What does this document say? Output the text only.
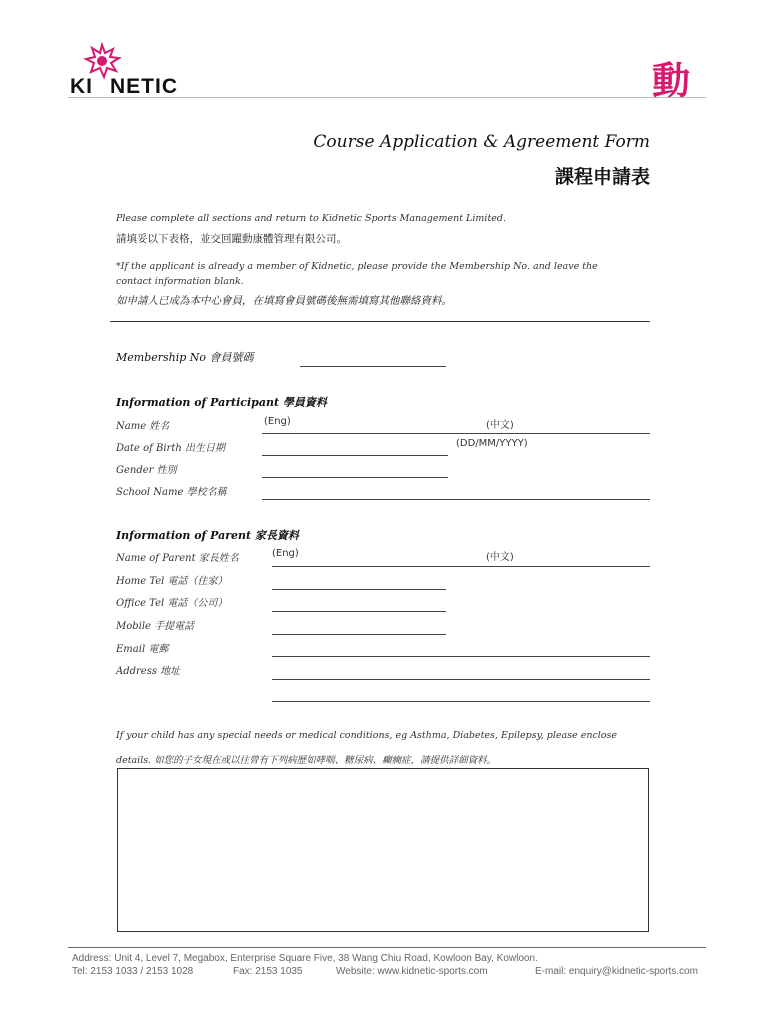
KI NETIC	動
Course Application & Agreement Form
課程申請表
Please complete all sections and return to Kidnetic Sports Management Limited.
請填妥以下表格，並交回躍動康體管理有限公司。
*If the applicant is already a member of Kidnetic, please provide the Membership No. and leave the
contact information blank.
如申請人已成為本中心會員，在填寫會員號碼後無需填寫其他聯絡資料。
Membership No 會員號碼
Information of Participant 學員資料
Name 姓名	(Eng)	(中文)
Date of Birth 出生日期	(DD/MM/YYYY)
Gender 性別
School Name 學校名稱
Information of Parent 家長資料
Name of Parent 家長姓名	(Eng)	(中文)
Home Tel 電話（住家）
Office Tel 電話（公司）
Mobile 手提電話
Email 電郵
Address 地址
If your child has any special needs or medical conditions, eg Asthma, Diabetes, Epilepsy, please enclose
details. 如您的子女現在或以往曾有下列病歷如哮喘、糖尿病、癲癇症，請提供詳細資料。
Address: Unit 4, Level 7, Megabox, Enterprise Square Five, 38 Wang Chiu Road, Kowloon Bay, Kowloon.
Tel: 2153 1033 / 2153 1028	Fax: 2153 1035	Website: www.kidnetic-sports.com	E-mail: enquiry@kidnetic-sports.com
